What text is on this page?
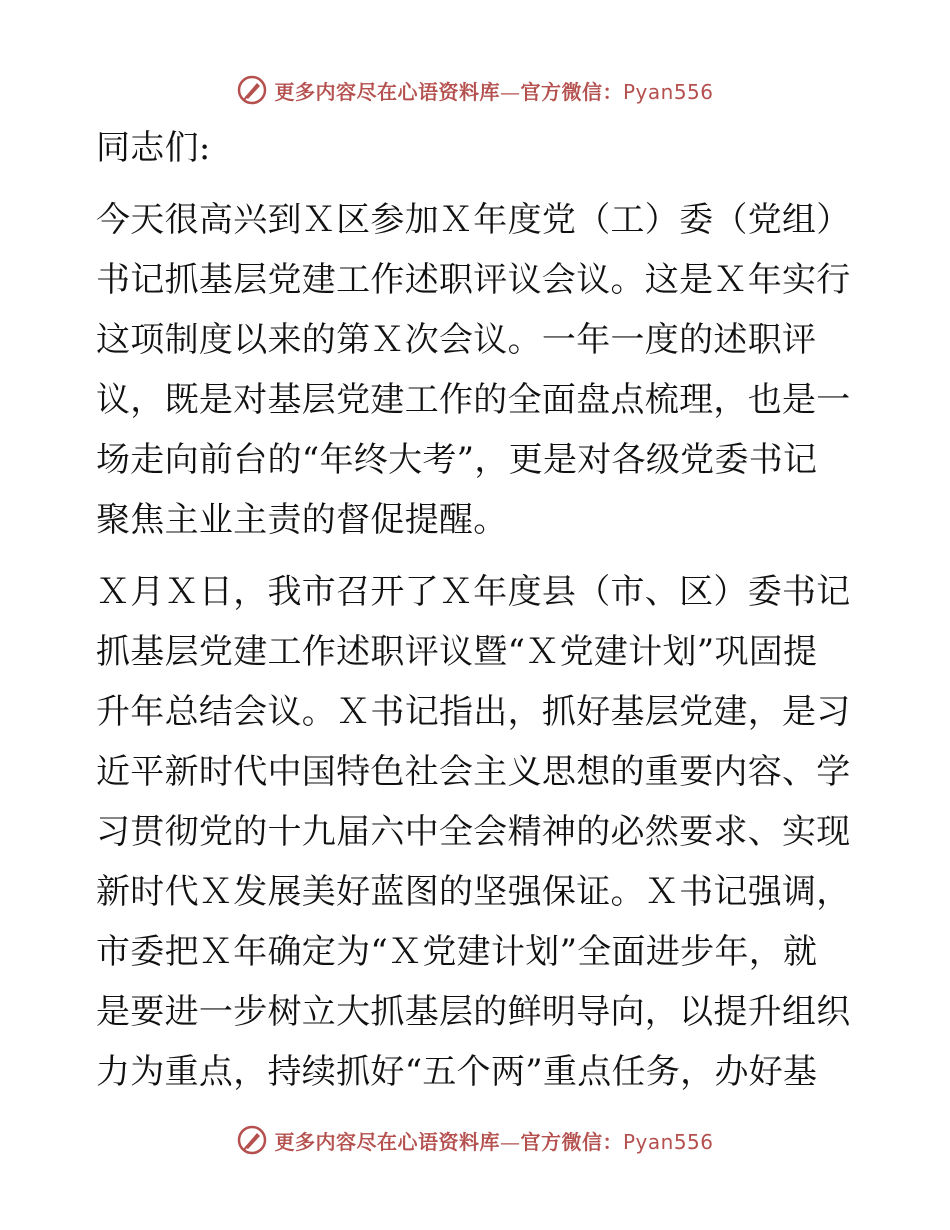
更多内容尽在心语资料库—官方微信：Pyan556
同志们:
今天很高兴到Ｘ区参加Ｘ年度党（工）委（党组）
书记抓基层党建工作述职评议会议。这是Ｘ年实行
这项制度以来的第Ｘ次会议。一年一度的述职评
议，既是对基层党建工作的全面盘点梳理，也是一
场走向前台的“年终大考”，更是对各级党委书记
聚焦主业主责的督促提醒。
Ｘ月Ｘ日，我市召开了Ｘ年度县（市、区）委书记
抓基层党建工作述职评议暨“Ｘ党建计划”巩固提
升年总结会议。Ｘ书记指出，抓好基层党建，是习
近平新时代中国特色社会主义思想的重要内容、学
习贯彻党的十九届六中全会精神的必然要求、实现
新时代Ｘ发展美好蓝图的坚强保证。Ｘ书记强调，
市委把Ｘ年确定为“Ｘ党建计划”全面进步年，就
是要进一步树立大抓基层的鲜明导向，以提升组织
力为重点，持续抓好“五个两”重点任务，办好基
更多内容尽在心语资料库—官方微信：Pyan556
